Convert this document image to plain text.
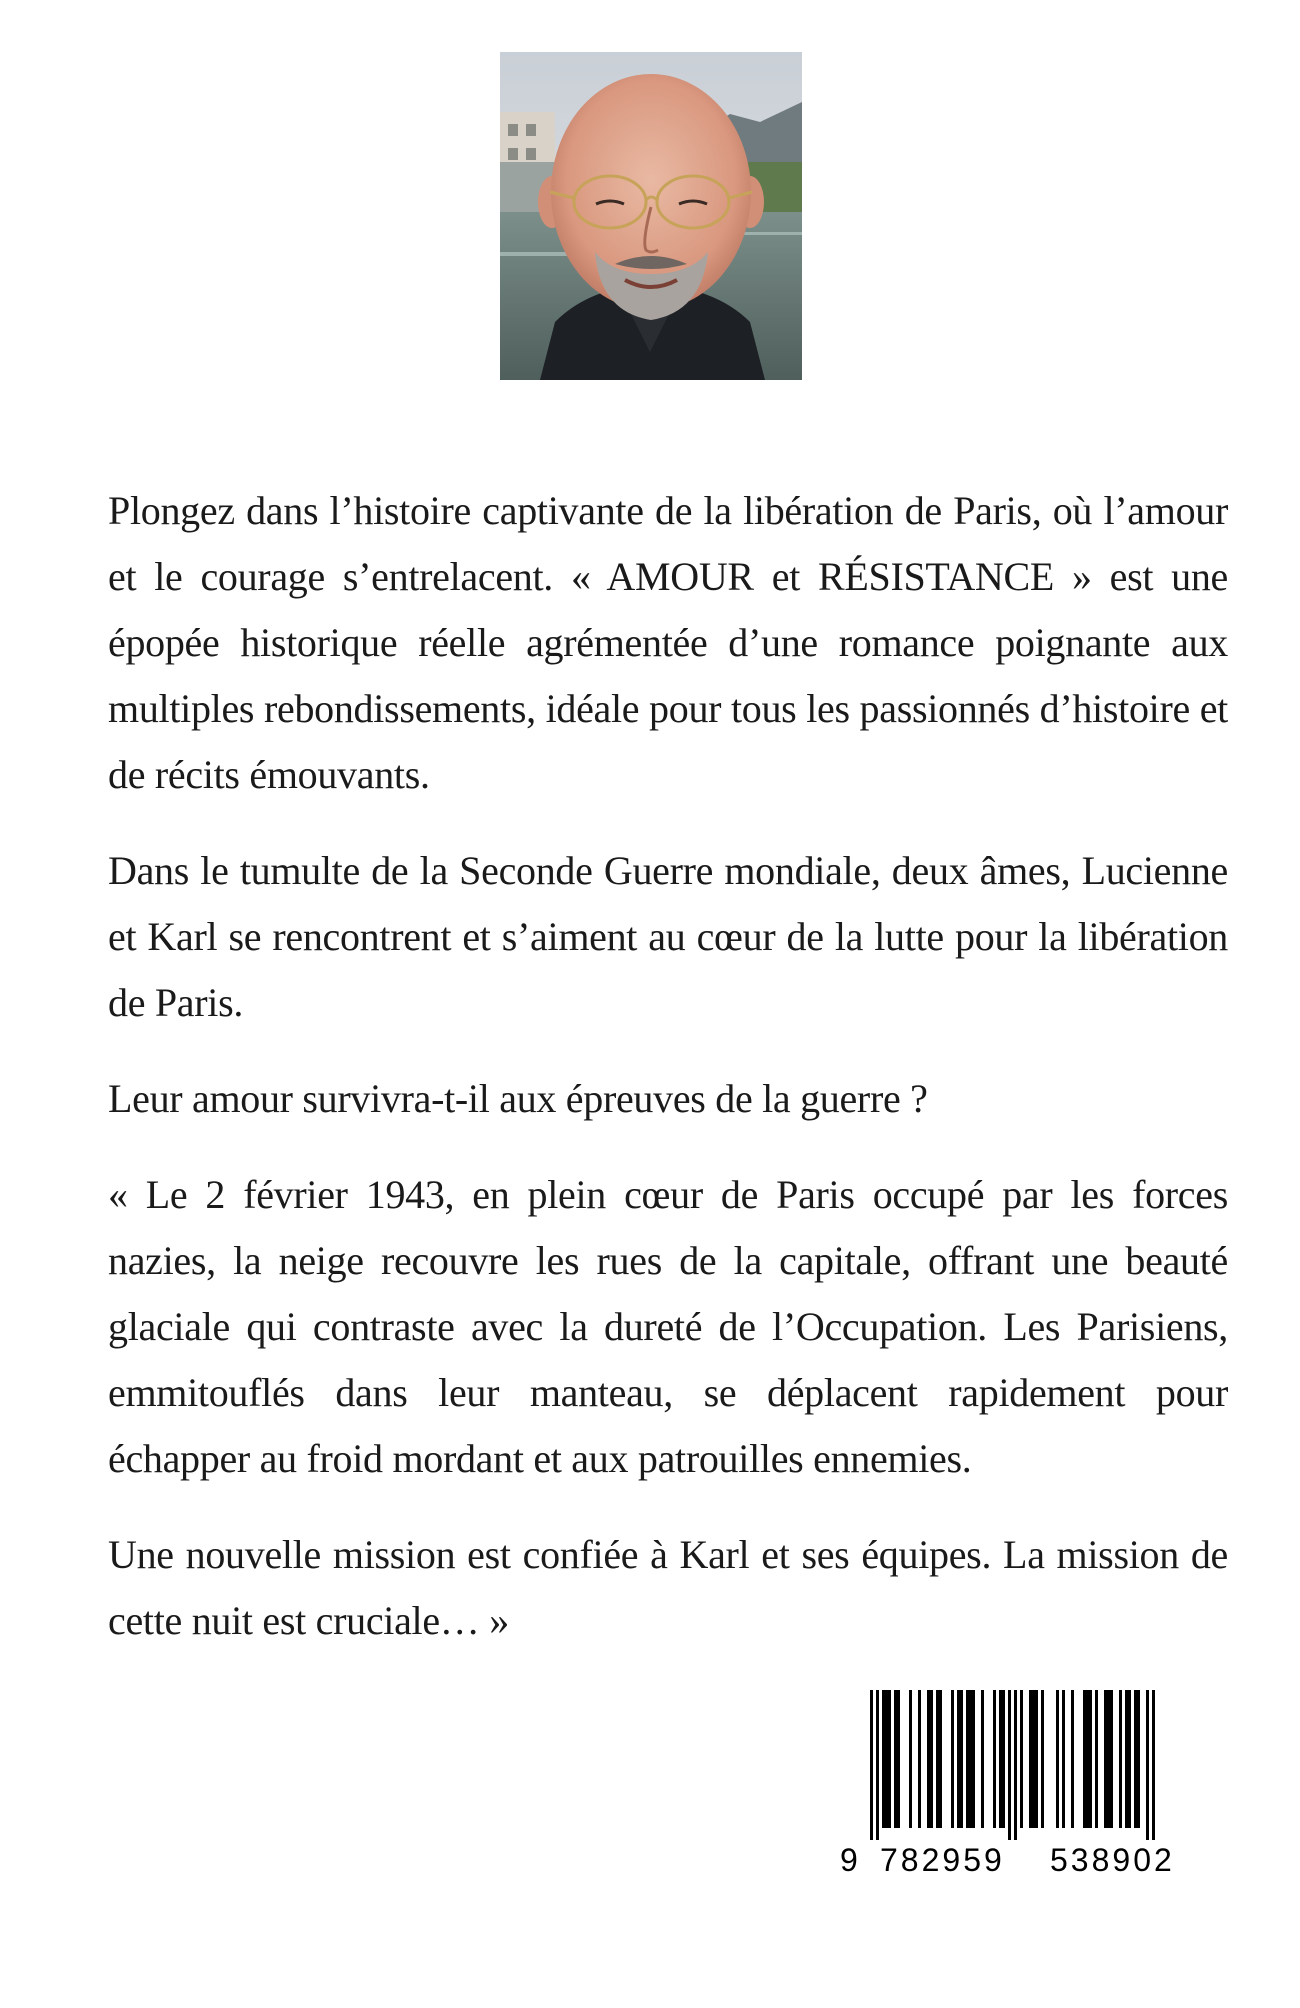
Plongez dans l’histoire captivante de la libération de Paris, où l’amour et le courage s’entrelacent. « AMOUR et RÉSISTANCE » est une épopée historique réelle agrémentée d’une romance poignante aux multiples rebondissements, idéale pour tous les passionnés d’histoire et de récits émouvants.

Dans le tumulte de la Seconde Guerre mondiale, deux âmes, Lucienne et Karl se rencontrent et s’aiment au cœur de la lutte pour la libération de Paris.

Leur amour survivra-t-il aux épreuves de la guerre ?

« Le 2 février 1943, en plein cœur de Paris occupé par les forces nazies, la neige recouvre les rues de la capitale, offrant une beauté glaciale qui contraste avec la dureté de l’Occupation. Les Parisiens, emmitouflés dans leur manteau, se déplacent rapidement pour échapper au froid mordant et aux patrouilles ennemies.

Une nouvelle mission est confiée à Karl et ses équipes. La mission de cette nuit est cruciale… »

9 782959 538902
